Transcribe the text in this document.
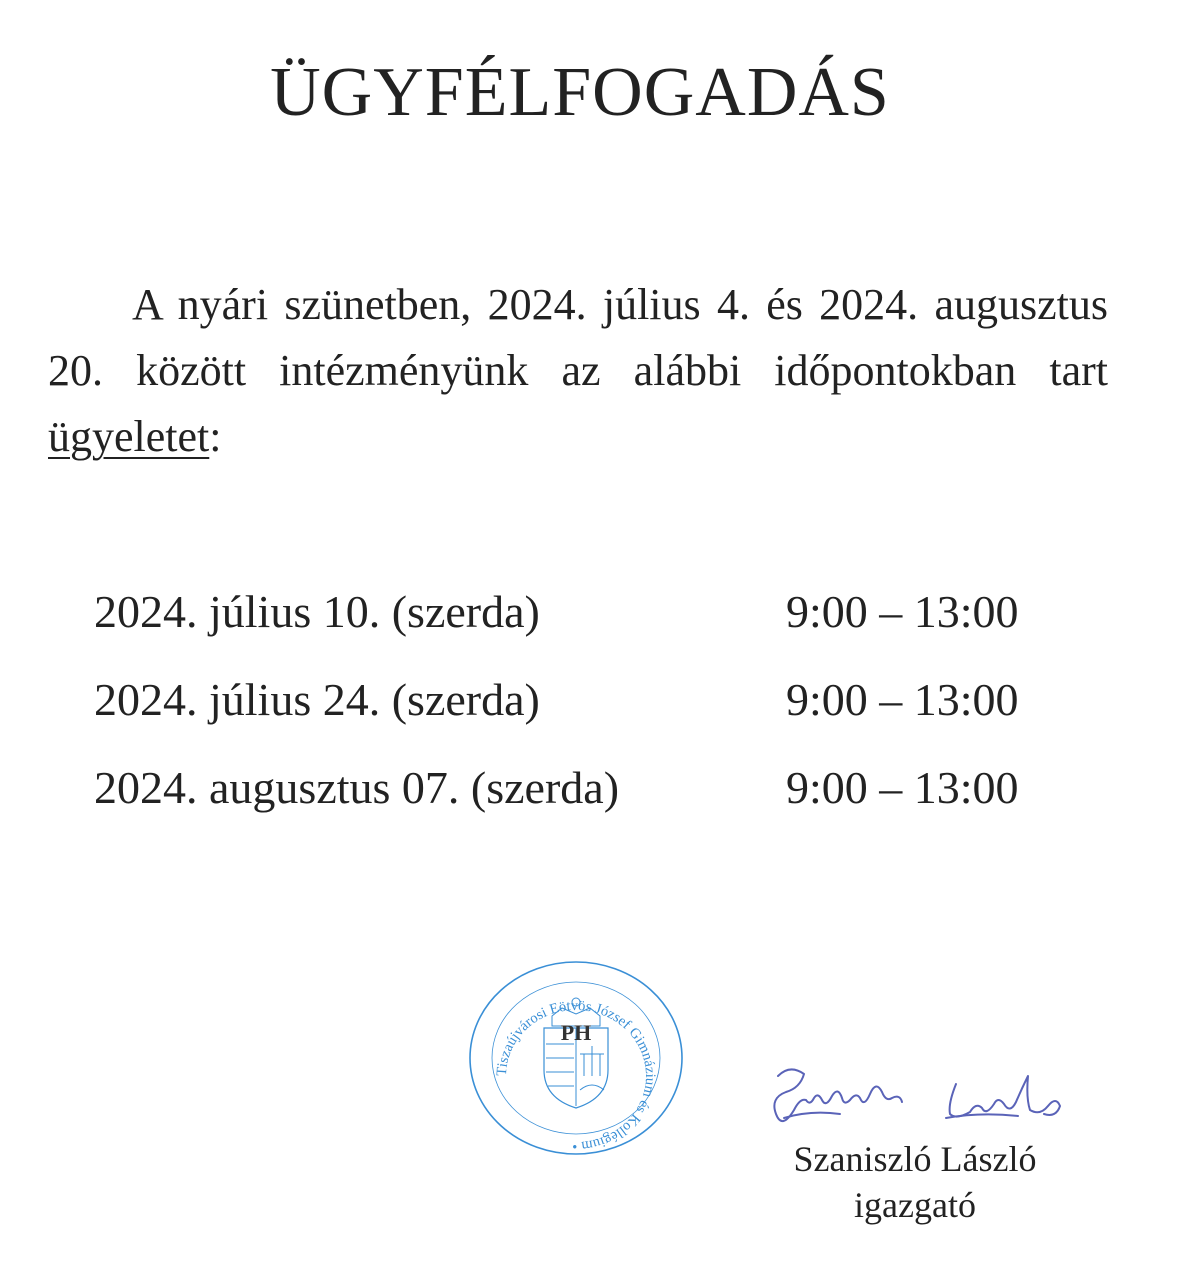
ÜGYFÉLFOGADÁS

A nyári szünetben, 2024. július 4. és 2024. augusztus 20. között intézményünk az alábbi időpontokban tart ügyeletet:

2024. július 10. (szerda)	9:00 – 13:00
2024. július 24. (szerda)	9:00 – 13:00
2024. augusztus 07. (szerda)	9:00 – 13:00
Tiszaújvárosi Eötvös József Gimnázium és Kollégium •
PH
Szaniszló László
igazgató
